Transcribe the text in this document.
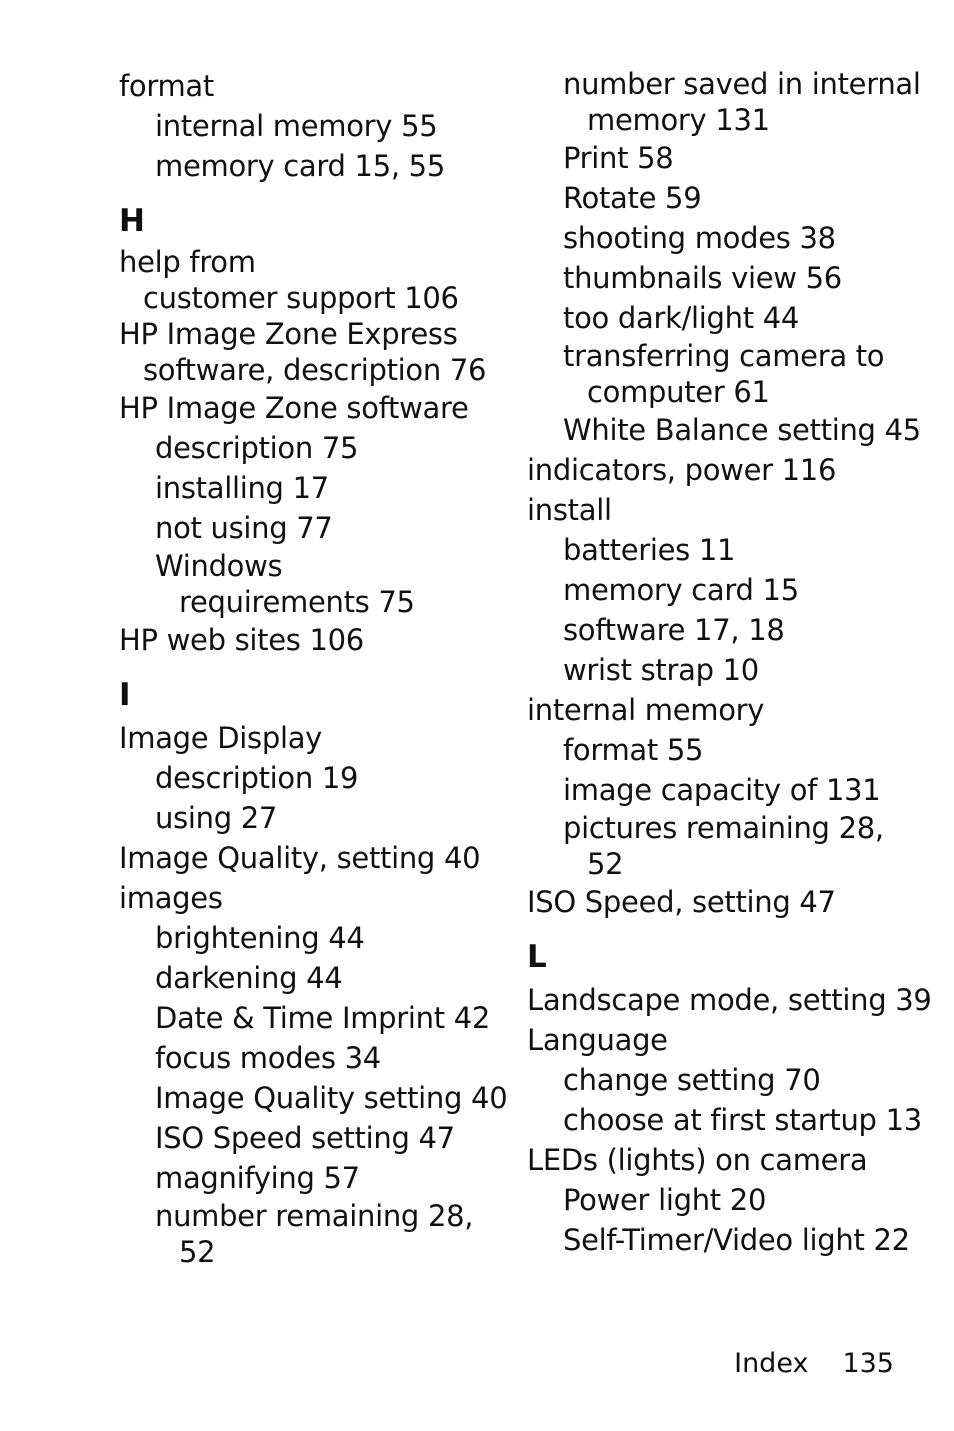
format
internal memory 55
memory card 15, 55
H
help from
customer support 106
HP Image Zone Express
software, description 76
HP Image Zone software
description 75
installing 17
not using 77
Windows
requirements 75
HP web sites 106
I
Image Display
description 19
using 27
Image Quality, setting 40
images
brightening 44
darkening 44
Date & Time Imprint 42
focus modes 34
Image Quality setting 40
ISO Speed setting 47
magnifying 57
number remaining 28,
52
number saved in internal
memory 131
Print 58
Rotate 59
shooting modes 38
thumbnails view 56
too dark/light 44
transferring camera to
computer 61
White Balance setting 45
indicators, power 116
install
batteries 11
memory card 15
software 17, 18
wrist strap 10
internal memory
format 55
image capacity of 131
pictures remaining 28,
52
ISO Speed, setting 47
L
Landscape mode, setting 39
Language
change setting 70
choose at first startup 13
LEDs (lights) on camera
Power light 20
Self-Timer/Video light 22
Index 135
